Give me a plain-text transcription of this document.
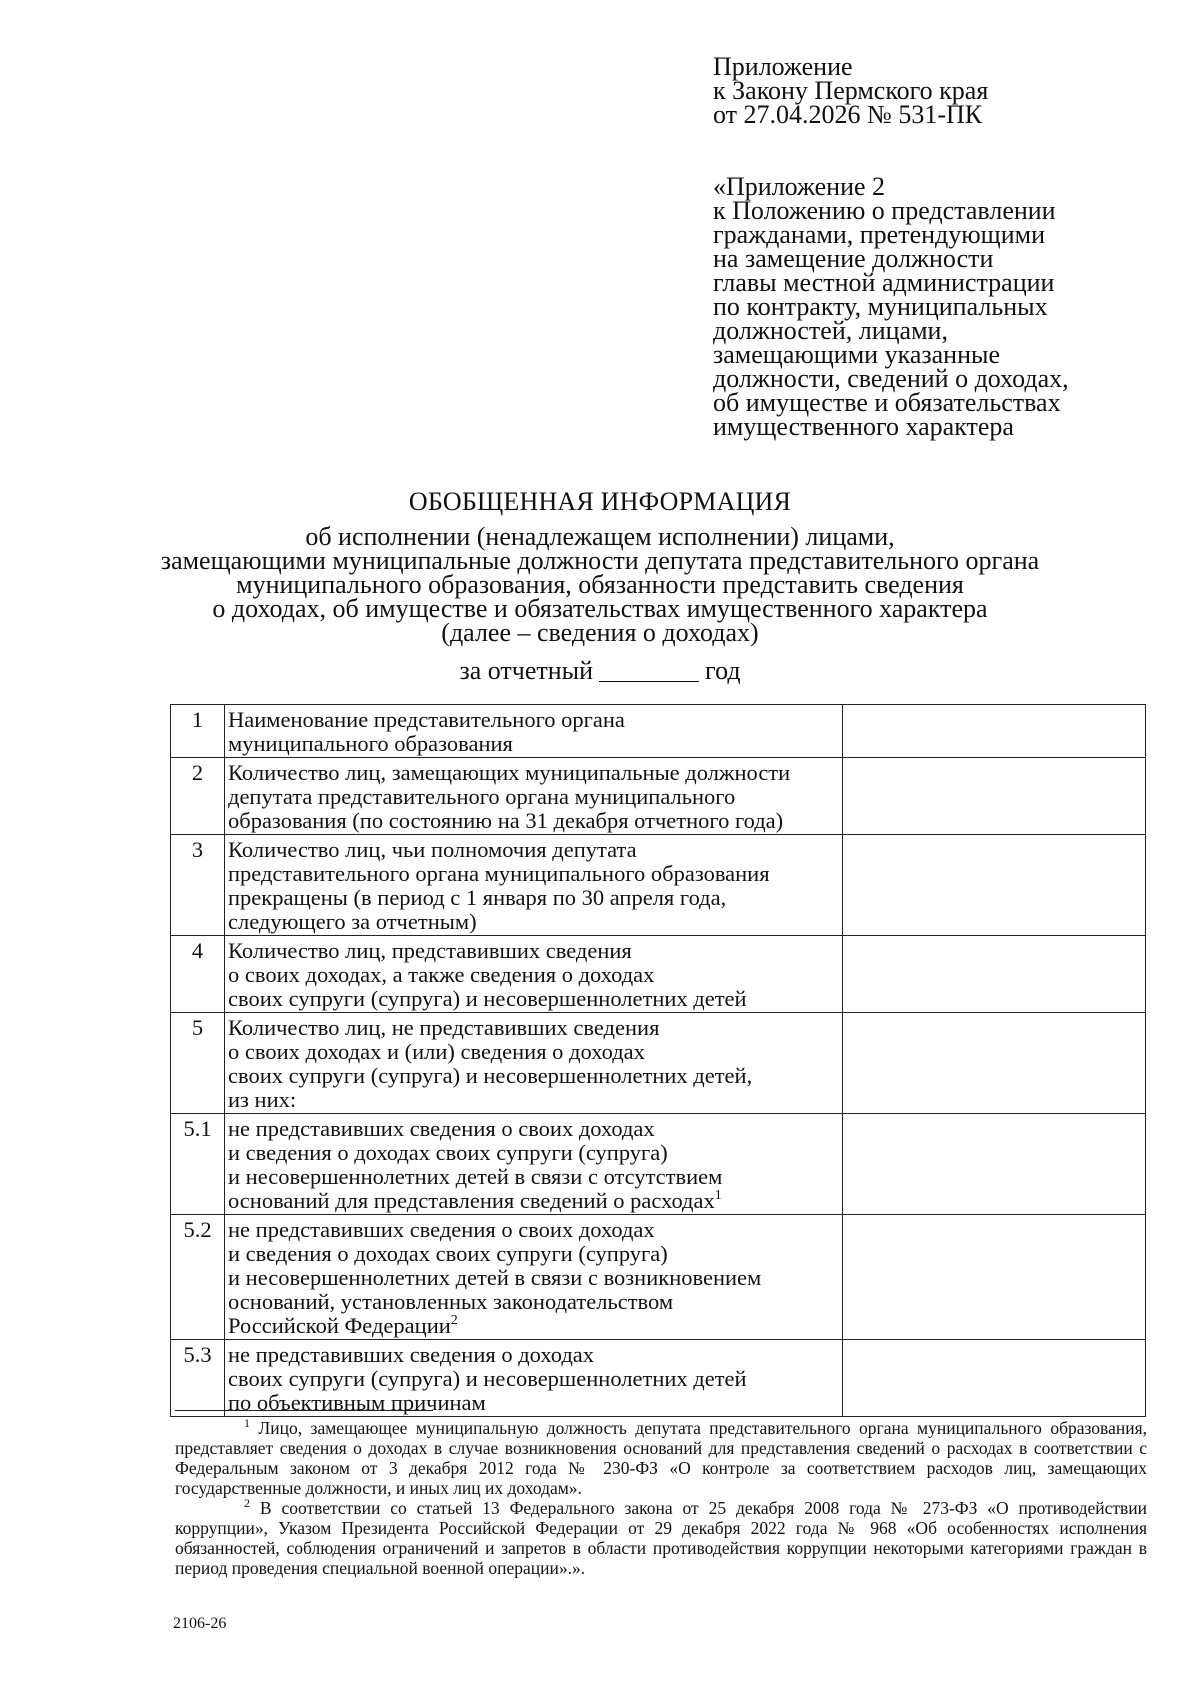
Приложение
к Закону Пермского края
от 27.04.2026 № 531-ПК
«Приложение 2
к Положению о представлении
гражданами, претендующими
на замещение должности
главы местной администрации
по контракту, муниципальных
должностей, лицами,
замещающими указанные
должности, сведений о доходах,
об имуществе и обязательствах
имущественного характера
ОБОБЩЕННАЯ ИНФОРМАЦИЯ
об исполнении (ненадлежащем исполнении) лицами,
замещающими муниципальные должности депутата представительного органа
муниципального образования, обязанности представить сведения
о доходах, об имуществе и обязательствах имущественного характера
(далее – сведения о доходах)
за отчетный	год
1	Наименование представительного органа
муниципального образования	

2	Количество лиц, замещающих муниципальные должности
депутата представительного органа муниципального
образования (по состоянию на 31 декабря отчетного года)	

3	Количество лиц, чьи полномочия депутата
представительного органа муниципального образования
прекращены (в период с 1 января по 30 апреля года,
следующего за отчетным)	

4	Количество лиц, представивших сведения
о своих доходах, а также сведения о доходах
своих супруги (супруга) и несовершеннолетних детей	

5	Количество лиц, не представивших сведения
о своих доходах и (или) сведения о доходах
своих супруги (супруга) и несовершеннолетних детей,
из них:	

5.1	не представивших сведения о своих доходах
и сведения о доходах своих супруги (супруга)
и несовершеннолетних детей в связи с отсутствием
оснований для представления сведений о расходах$^1$

5.2	не представивших сведения о своих доходах
и сведения о доходах своих супруги (супруга)
и несовершеннолетних детей в связи с возникновением
оснований, установленных законодательством
Российской Федерации$^2$

5.3	не представивших сведения о доходах
своих супруги (супруга) и несовершеннолетних детей
по объективным причинам	

$^1$ Лицо, замещающее муниципальную должность депутата представительного органа муниципального образования, представляет сведения о доходах в случае возникновения оснований для представления сведений о расходах в соответствии с Федеральным законом от 3 декабря 2012 года № 230-ФЗ «О контроле за соответствием расходов лиц, замещающих государственные должности, и иных лиц их доходам».

$^2$ В соответствии со статьей 13 Федерального закона от 25 декабря 2008 года № 273-ФЗ «О противодействии коррупции», Указом Президента Российской Федерации от 29 декабря 2022 года № 968 «Об особенностях исполнения обязанностей, соблюдения ограничений и запретов в области противодействия коррупции некоторыми категориями граждан в период проведения специальной военной операции».».

2106-26
